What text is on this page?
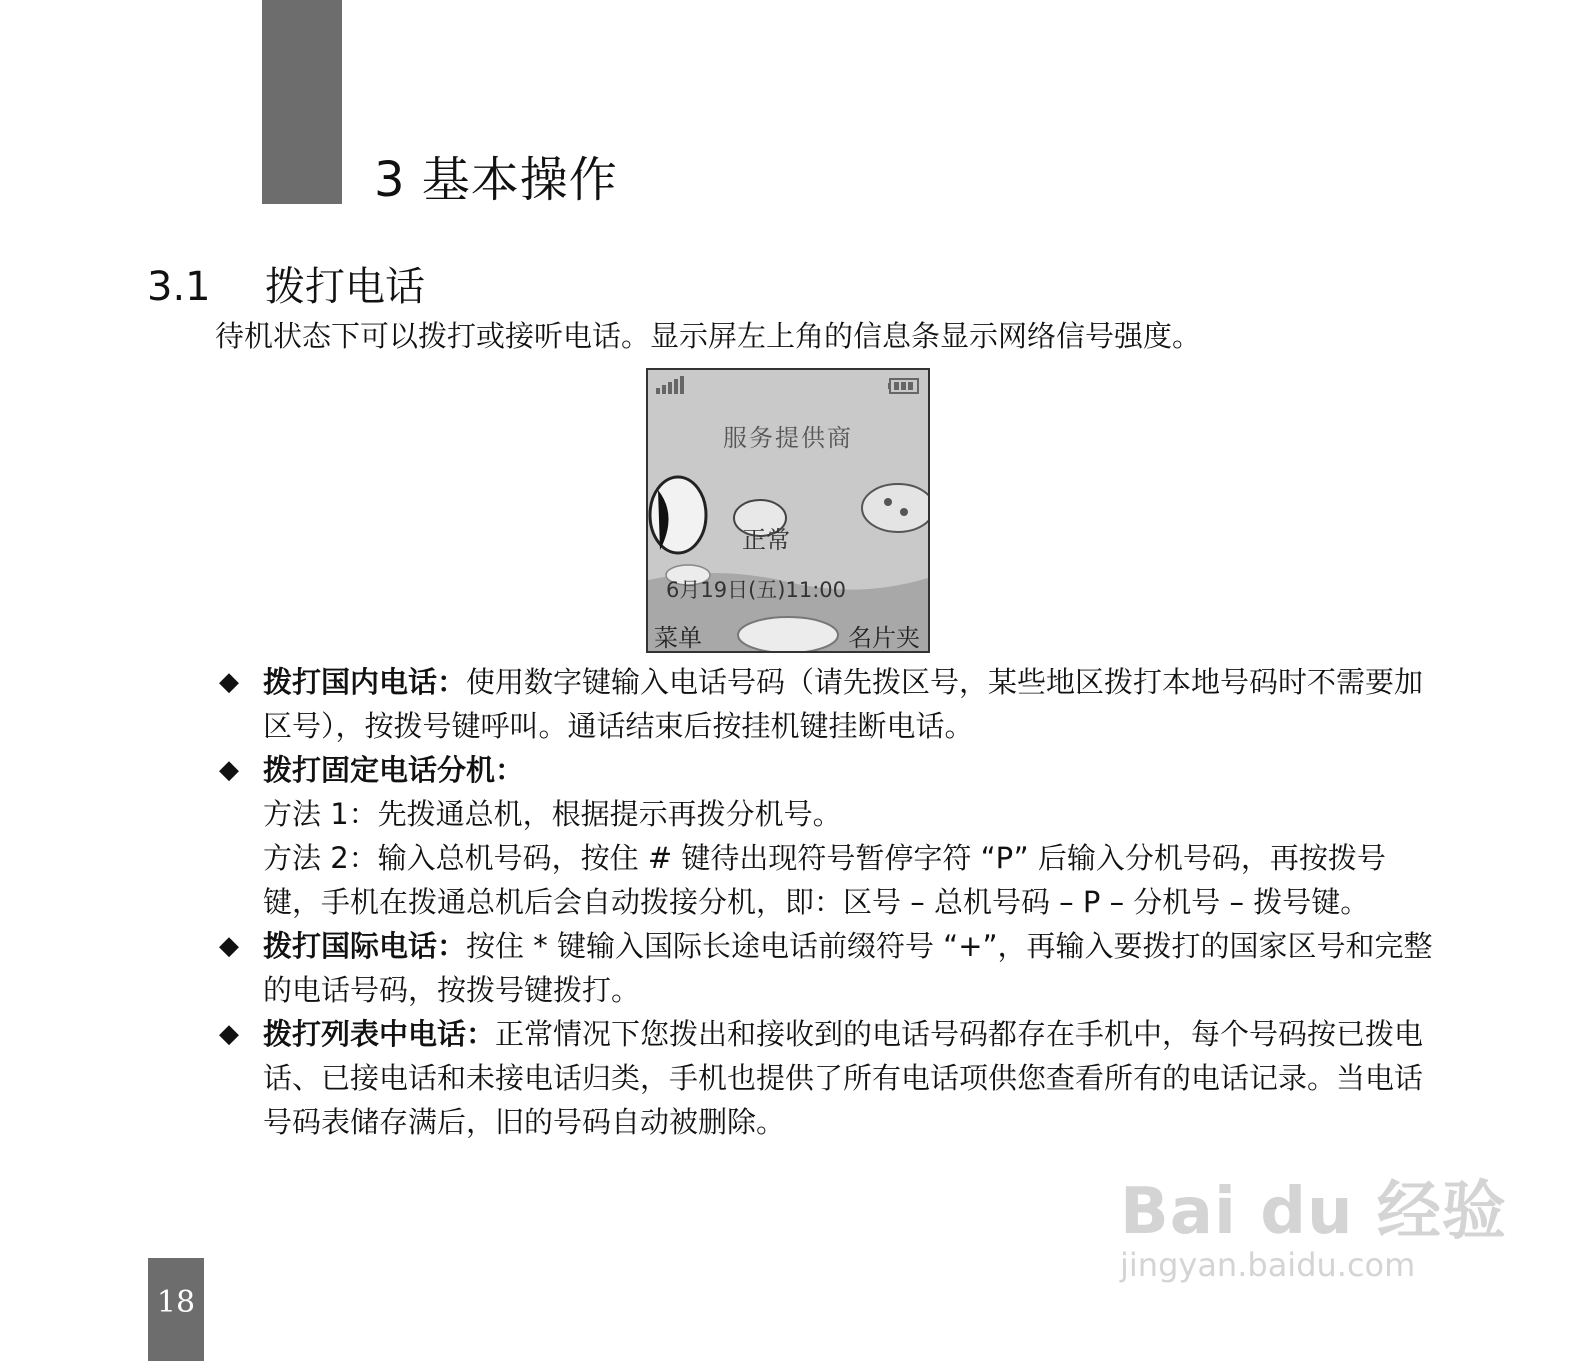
3 基本操作
3.1 拨打电话
待机状态下可以拨打或接听电话。显示屏左上角的信息条显示网络信号强度。
服务提供商
正常
6月19日(五)11:00
菜单	名片夹
◆ 拨打国内电话：使用数字键输入电话号码（请先拨区号，某些地区拨打本地号码时不需要加区号），按拨号键呼叫。通话结束后按挂机键挂断电话。

◆ 拨打固定电话分机：

方法 1：先拨通总机，根据提示再拨分机号。

方法 2：输入总机号码，按住 # 键待出现符号暂停字符 “P” 后输入分机号码，再按拨号键，手机在拨通总机后会自动拨接分机，即：区号 – 总机号码 – P – 分机号 – 拨号键。

◆ 拨打国际电话：按住 * 键输入国际长途电话前缀符号 “+”，再输入要拨打的国家区号和完整的电话号码，按拨号键拨打。

◆ 拨打列表中电话：正常情况下您拨出和接收到的电话号码都存在手机中，每个号码按已拨电话、已接电话和未接电话归类，手机也提供了所有电话项供您查看所有的电话记录。当电话号码表储存满后，旧的号码自动被删除。

18
Bai du 经验
jingyan.baidu.com
